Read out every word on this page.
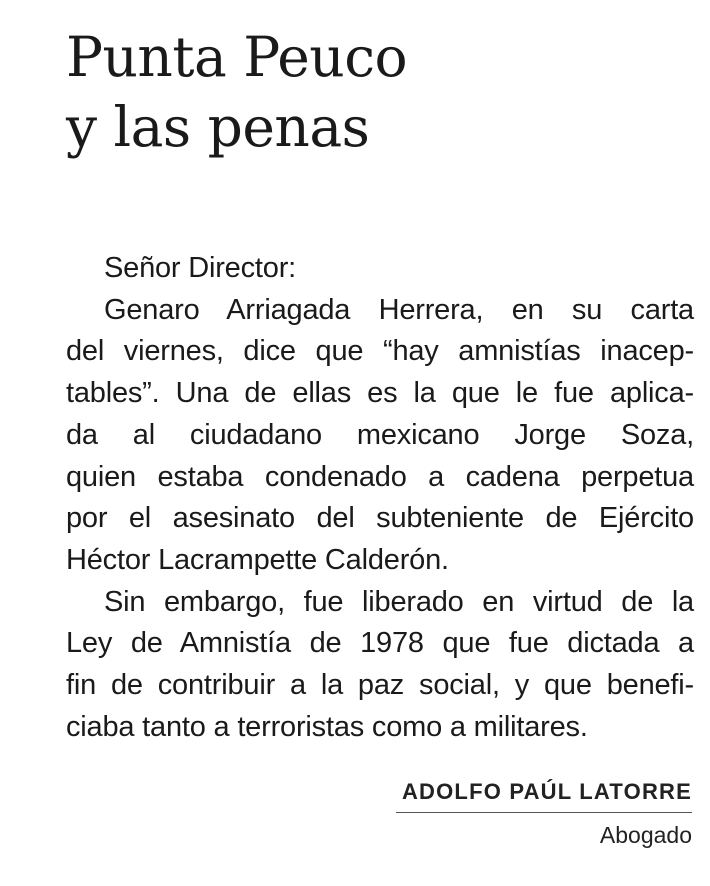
Punta Peuco
y las penas
Señor Director:
Genaro Arriagada Herrera, en su carta
del viernes, dice que “hay amnistías inacep-
tables”. Una de ellas es la que le fue aplica-
da al ciudadano mexicano Jorge Soza,
quien estaba condenado a cadena perpetua
por el asesinato del subteniente de Ejército
Héctor Lacrampette Calderón.
Sin embargo, fue liberado en virtud de la
Ley de Amnistía de 1978 que fue dictada a
fin de contribuir a la paz social, y que benefi-
ciaba tanto a terroristas como a militares.
ADOLFO PAÚL LATORRE
Abogado
